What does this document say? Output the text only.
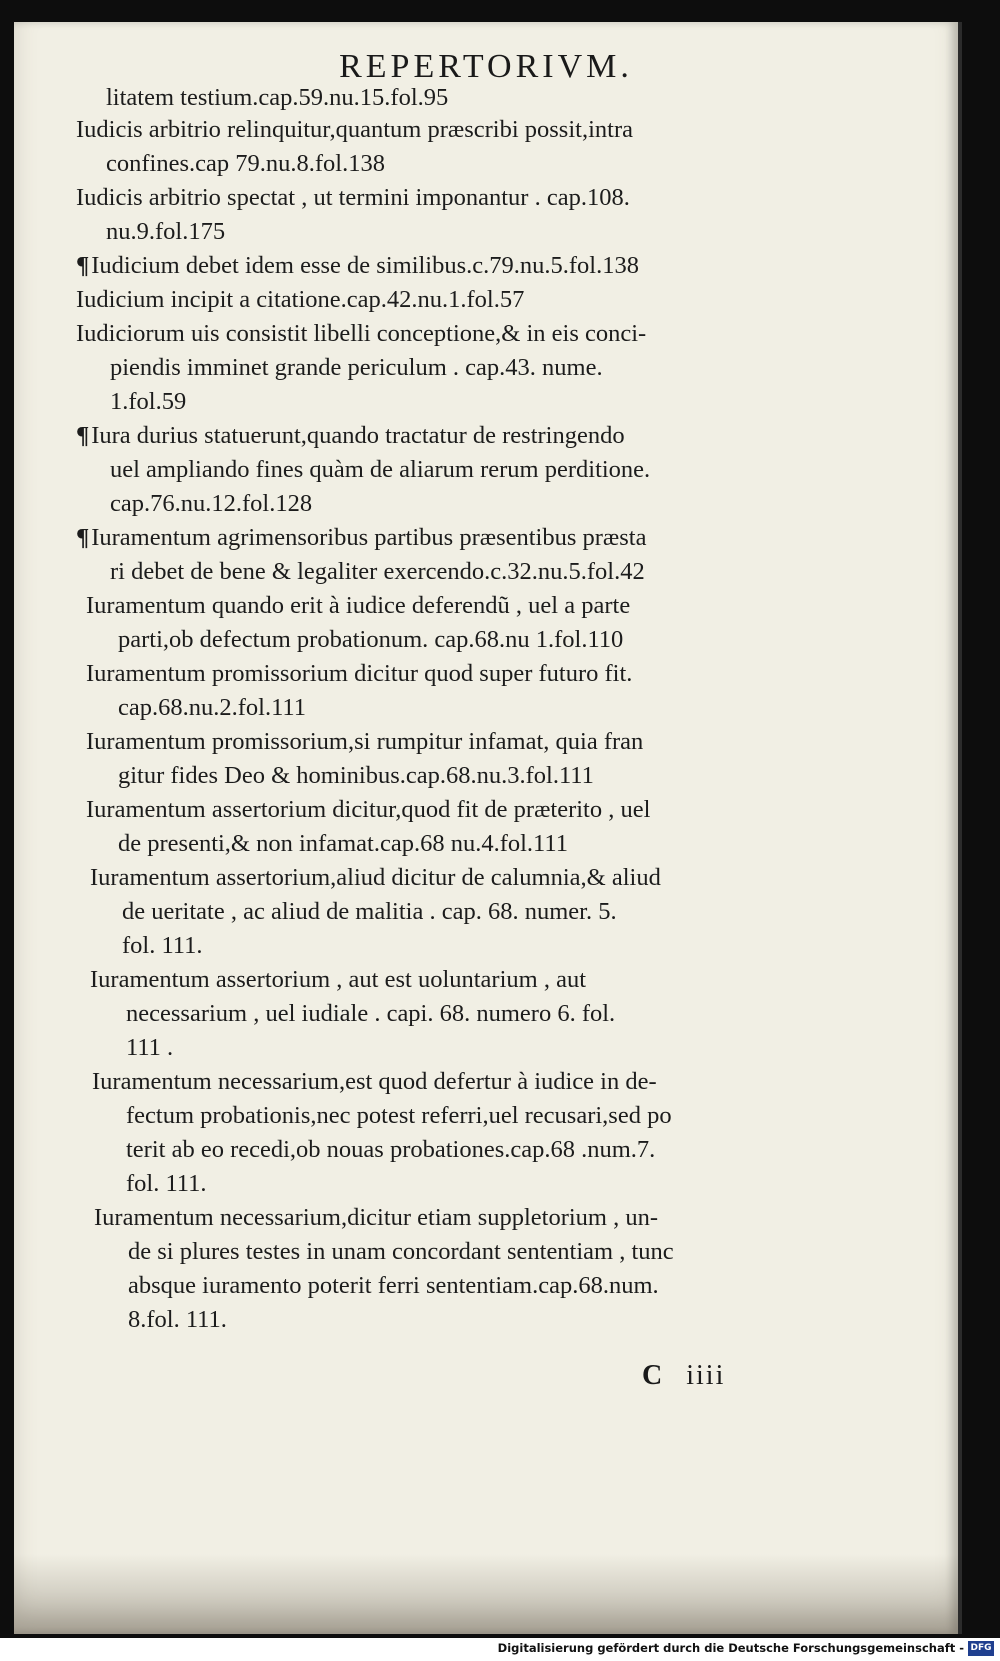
REPERTORIVM.
litatem testium.cap.59.nu.15.fol.95
Iudicis arbitrio relinquitur,quantum præscribi possit,intra
confines.cap 79.nu.8.fol.138
Iudicis arbitrio spectat , ut termini imponantur . cap.108.
nu.9.fol.175
¶Iudicium debet idem esse de similibus.c.79.nu.5.fol.138
Iudicium incipit a citatione.cap.42.nu.1.fol.57
Iudiciorum uis consistit libelli conceptione,& in eis conci-
piendis imminet grande periculum . cap.43. nume.
1.fol.59
¶Iura durius statuerunt,quando tractatur de restringendo
uel ampliando fines quàm de aliarum rerum perditione.
cap.76.nu.12.fol.128
¶Iuramentum agrimensoribus partibus præsentibus præsta
ri debet de bene & legaliter exercendo.c.32.nu.5.fol.42
Iuramentum quando erit à iudice deferendũ , uel a parte
parti,ob defectum probationum. cap.68.nu 1.fol.110
Iuramentum promissorium dicitur quod super futuro fit.
cap.68.nu.2.fol.111
Iuramentum promissorium,si rumpitur infamat, quia fran
gitur fides Deo & hominibus.cap.68.nu.3.fol.111
Iuramentum assertorium dicitur,quod fit de præterito , uel
de presenti,& non infamat.cap.68 nu.4.fol.111
Iuramentum assertorium,aliud dicitur de calumnia,& aliud
de ueritate , ac aliud de malitia . cap. 68. numer. 5.
fol. 111.
Iuramentum assertorium , aut est uoluntarium , aut
necessarium , uel iudiale . capi. 68. numero 6. fol.
111 .
Iuramentum necessarium,est quod defertur à iudice in de-
fectum probationis,nec potest referri,uel recusari,sed po
terit ab eo recedi,ob nouas probationes.cap.68 .num.7.
fol. 111.
Iuramentum necessarium,dicitur etiam suppletorium , un-
de si plures testes in unam concordant sententiam , tunc
absque iuramento poterit ferri sententiam.cap.68.num.
8.fol. 111.
C iiii
Digitalisierung gefördert durch die Deutsche Forschungsgemeinschaft - DFG
